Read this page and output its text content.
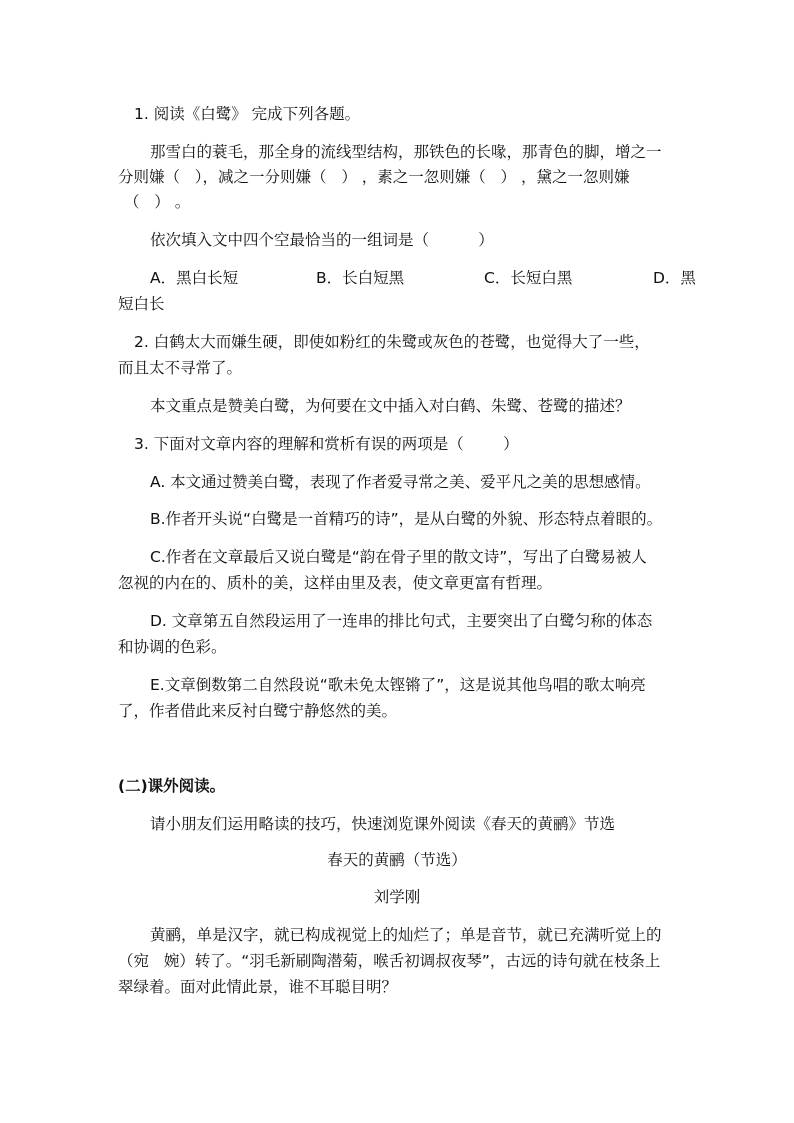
1. 阅读《白鹭》 完成下列各题。
那雪白的蓑毛，那全身的流线型结构，那铁色的长喙，那青色的脚，增之一
分则嫌（   ），减之一分则嫌（   ） ，素之一忽则嫌（   ） ，黛之一忽则嫌
（   ） 。
依次填入文中四个空最恰当的一组词是（          ）
A．黑白长短	B．长白短黑	C．长短白黑	D．黑
短白长
2. 白鹤太大而嫌生硬，即使如粉红的朱鹭或灰色的苍鹭，也觉得大了一些，
而且太不寻常了。
本文重点是赞美白鹭，为何要在文中插入对白鹤、朱鹭、苍鹭的描述？
3. 下面对文章内容的理解和赏析有误的两项是（        ）
A. 本文通过赞美白鹭，表现了作者爱寻常之美、爱平凡之美的思想感情。
B.作者开头说“白鹭是一首精巧的诗”，是从白鹭的外貌、形态特点着眼的。
C.作者在文章最后又说白鹭是“韵在骨子里的散文诗”，写出了白鹭易被人
忽视的内在的、质朴的美，这样由里及表，使文章更富有哲理。
D. 文章第五自然段运用了一连串的排比句式，主要突出了白鹭匀称的体态
和协调的色彩。
E.文章倒数第二自然段说“歌未免太铿锵了”，这是说其他鸟唱的歌太响亮
了，作者借此来反衬白鹭宁静悠然的美。
(二)课外阅读。
请小朋友们运用略读的技巧，快速浏览课外阅读《春天的黄鹂》节选
春天的黄鹂（节选）
刘学刚
黄鹂，单是汉字，就已构成视觉上的灿烂了；单是音节，就已充满听觉上的
（宛   婉）转了。“羽毛新刷陶潜菊，喉舌初调叔夜琴”，古远的诗句就在枝条上
翠绿着。面对此情此景，谁不耳聪目明？
